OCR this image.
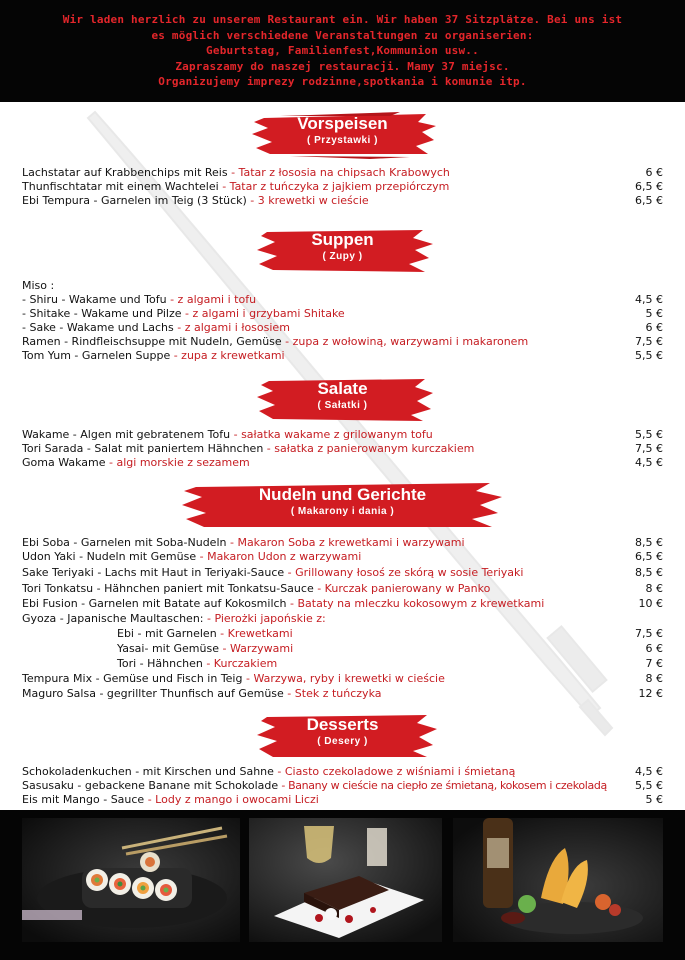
Wir laden herzlich zu unserem Restaurant ein. Wir haben 37 Sitzplätze. Bei uns ist
es möglich verschiedene Veranstaltungen zu organiserien:
Geburtstag, Familienfest,Kommunion usw..
Zapraszamy do naszej restauracji. Mamy 37 miejsc.
Organizujemy imprezy rodzinne,spotkania i komunie itp.
Vorspeisen
( Przystawki )
Lachstatar auf Krabbenchips mit Reis - Tatar z łososia na chipsach Krabowych	6 €
Thunfischtatar mit einem Wachtelei - Tatar z tuńczyka z jajkiem przepiórczym	6,5 €
Ebi Tempura - Garnelen im Teig (3 Stück) - 3 krewetki w cieście	6,5 €
Suppen
( Zupy )
Miso :
- Shiru - Wakame und Tofu - z algami i tofu	4,5 €
- Shitake - Wakame und Pilze - z algami i grzybami Shitake	5 €
- Sake - Wakame und Lachs - z algami i łososiem	6 €
Ramen - Rindfleischsuppe mit Nudeln, Gemüse - zupa z wołowiną, warzywami i makaronem	7,5 €
Tom Yum - Garnelen Suppe - zupa z krewetkami	5,5 €
Salate
( Sałatki )
Wakame - Algen mit gebratenem Tofu - sałatka wakame z grilowanym tofu	5,5 €
Tori Sarada - Salat mit paniertem Hähnchen - sałatka z panierowanym kurczakiem	7,5 €
Goma Wakame - algi morskie z sezamem	4,5 €
Nudeln und Gerichte
( Makarony i dania )
Ebi Soba - Garnelen mit Soba-Nudeln - Makaron Soba z krewetkami i warzywami	8,5 €
Udon Yaki - Nudeln mit Gemüse - Makaron Udon z warzywami	6,5 €
Sake Teriyaki - Lachs mit Haut in Teriyaki-Sauce - Grillowany łosoś ze skórą w sosie Teriyaki	8,5 €
Tori Tonkatsu - Hähnchen paniert mit Tonkatsu-Sauce - Kurczak panierowany w Panko	8 €
Ebi Fusion - Garnelen mit Batate auf Kokosmilch - Bataty na mleczku kokosowym z krewetkami	10 €
Gyoza - Japanische Maultaschen: - Pierożki japońskie z:
Ebi - mit Garnelen - Krewetkami	7,5 €
Yasai- mit Gemüse - Warzywami	6 €
Tori - Hähnchen - Kurczakiem	7 €
Tempura Mix - Gemüse und Fisch in Teig - Warzywa, ryby i krewetki w cieście	8 €
Maguro Salsa - gegrillter Thunfisch auf Gemüse - Stek z tuńczyka	12 €
Desserts
( Desery )
Schokoladenkuchen - mit Kirschen und Sahne - Ciasto czekoladowe z wiśniami i śmietaną	4,5 €
Sasusaku - gebackene Banane mit Schokolade - Banany w cieście na ciepło ze śmietaną, kokosem i czekoladą	5,5 €
Eis mit Mango - Sauce - Lody z mango i owocami Liczi	5 €
